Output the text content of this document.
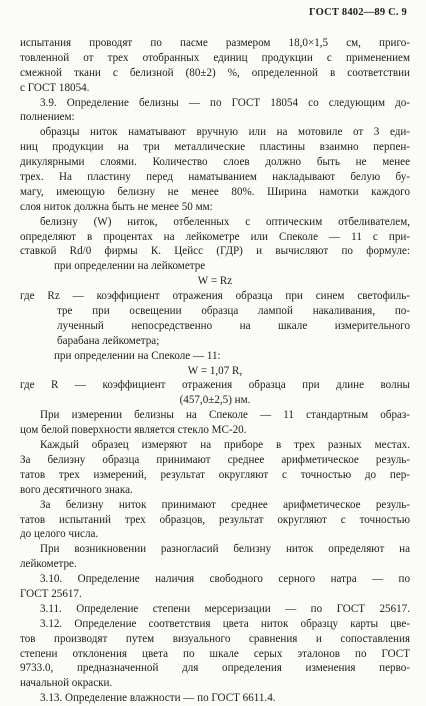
ГОСТ 8402—89 С. 9
испытания проводят по пасме размером 18,0×1,5 см, приго-
товленной от трех отобранных единиц продукции с применением
смежной ткани с белизной (80±2) %, определенной в соответствии
с ГОСТ 18054.
3.9. Определение белизны — по ГОСТ 18054 со следующим до-
полнением:
образцы ниток наматывают вручную или на мотовиле от 3 еди-
ниц продукции на три металлические пластины взаимно перпен-
дикулярными слоями. Количество слоев должно быть не менее
трех. На пластину перед наматыванием накладывают белую бу-
магу, имеющую белизну не менее 80%. Ширина намотки каждого
слоя ниток должна быть не менее 50 мм:
белизну (W) ниток, отбеленных с оптическим отбеливателем,
определяют в процентах на лейкометре или Спеколе — 11 с при-
ставкой Rd/0 фирмы К. Цейсс (ГДР) и вычисляют по формуле:
при определении на лейкометре
W = Rz
где Rz — коэффициент отражения образца при синем светофиль-
тре при освещении образца лампой накаливания, по-
лученный непосредственно на шкале измерительного
барабана лейкометра;
при определении на Спеколе — 11:
W = 1,07 R,
где R — коэффициент отражения образца при длине волны
(457,0±2,5) нм.
При измерении белизны на Спеколе — 11 стандартным образ-
цом белой поверхности является стекло МС-20.
Каждый образец измеряют на приборе в трех разных местах.
За белизну образца принимают среднее арифметическое резуль-
татов трех измерений, результат округляют с точностью до пер-
вого десятичного знака.
За белизну ниток принимают среднее арифметическое резуль-
татов испытаний трех образцов, результат округляют с точностью
до целого числа.
При возникновении разногласий белизну ниток определяют на
лейкометре.
3.10. Определение наличия свободного серного натра — по
ГОСТ 25617.
3.11. Определение степени мерсеризации — по ГОСТ 25617.
3.12. Определение соответствия цвета ниток образцу карты цве-
тов производят путем визуального сравнения и сопоставления
степени отклонения цвета по шкале серых эталонов по ГОСТ
9733.0, предназначенной для определения изменения перво-
начальной окраски.
3.13. Определение влажности — по ГОСТ 6611.4.
